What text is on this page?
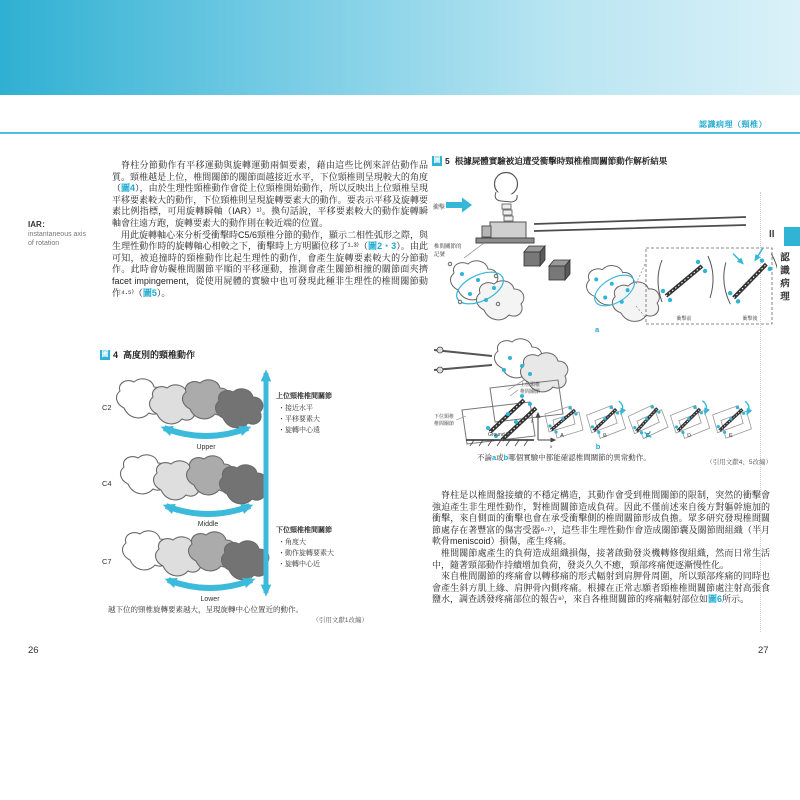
認識病理（頸椎）
II
認識病理
IAR：
instantaneous axis
of rotation

脊柱分節動作有平移運動與旋轉運動兩個要素，藉由這些比例來評估動作品質。頸椎越是上位，椎間關節的關節面越接近水平，下位頸椎則呈現較大的角度（圖4），由於生理性頸椎動作會從上位頸椎開始動作，所以反映出上位頸椎呈現平移要素較大的動作，下位頸椎則呈現旋轉要素大的動作。要表示平移及旋轉要素比例指標，可用旋轉瞬軸（IAR）¹⁾。換句話說，平移要素較大的動作旋轉瞬軸會往遠方跑，旋轉要素大的動作則在較近端的位置。

用此旋轉軸心來分析受衝擊時C5/6頸椎分節的動作，顯示二相性弧形之際，與生理性動作時的旋轉軸心相較之下，衝擊時上方明顯位移了¹·³⁾（圖2・3）。由此可知，被追撞時的頸椎動作比起生理性的動作，會產生旋轉要素較大的分節動作。此時會妨礙椎間關節平順的平移運動，推測會產生關節相撞的關節面夾擠facet impingement，從使用屍體的實驗中也可發現此種非生理性的椎間關節動作⁴·⁵⁾（圖5）。

圖 4 高度別的頸椎動作
C2
C4
C7
Upper
Middle
Lower
上位頸椎椎間關節
・接近水平
・平移要素大
・旋轉中心遠
下位頸椎椎間關節
・角度大
・動作旋轉要素大
・旋轉中心近
越下位的頸椎旋轉要素越大，呈現旋轉中心位置近的動作。
（引用文獻1改編）
26
圖 5 根據屍體實驗被迫遭受衝擊時頸椎椎間關節動作解析結果
衝擊
椎間關節的
記號
a
衝擊前	衝擊後
上位頸椎
椎間關節
下位頸椎
椎間關節
Ground h
y
x
A	B	C	D	E
b
不論a或b哪個實驗中都能確認椎間關節的異常動作。
（引用文獻4、5改編）

脊柱是以椎間盤接續的不穩定構造，其動作會受到椎間關節的限制，突然的衝擊會強迫產生非生理性動作，對椎間關節造成負荷。因此不僅前述來自後方對軀幹施加的衝擊，來自側面的衝擊也會在承受衝擊側的椎間關節形成負擔。眾多研究發現椎間關節處存在著豐富的傷害受器⁶·⁷⁾，這些非生理性動作會造成關節囊及關節間組織（半月軟骨meniscoid）損傷，產生疼痛。

椎間關節處產生的負荷造成組織損傷，接著啟動發炎機轉修復組織，然而日常生活中，隨著頸部動作持續增加負荷，發炎久久不癒，頸部疼痛便逐漸慢性化。

來自椎間關節的疼痛會以轉移痛的形式輻射到肩胛骨周圍，所以頸部疼痛的同時也會產生斜方肌上緣、肩胛骨內側疼痛。根據在正常志願者頸椎椎間關節處注射高張食鹽水，調查誘發疼痛部位的報告⁸⁾，來自各椎間關節的疼痛輻射部位如圖6所示。

27
